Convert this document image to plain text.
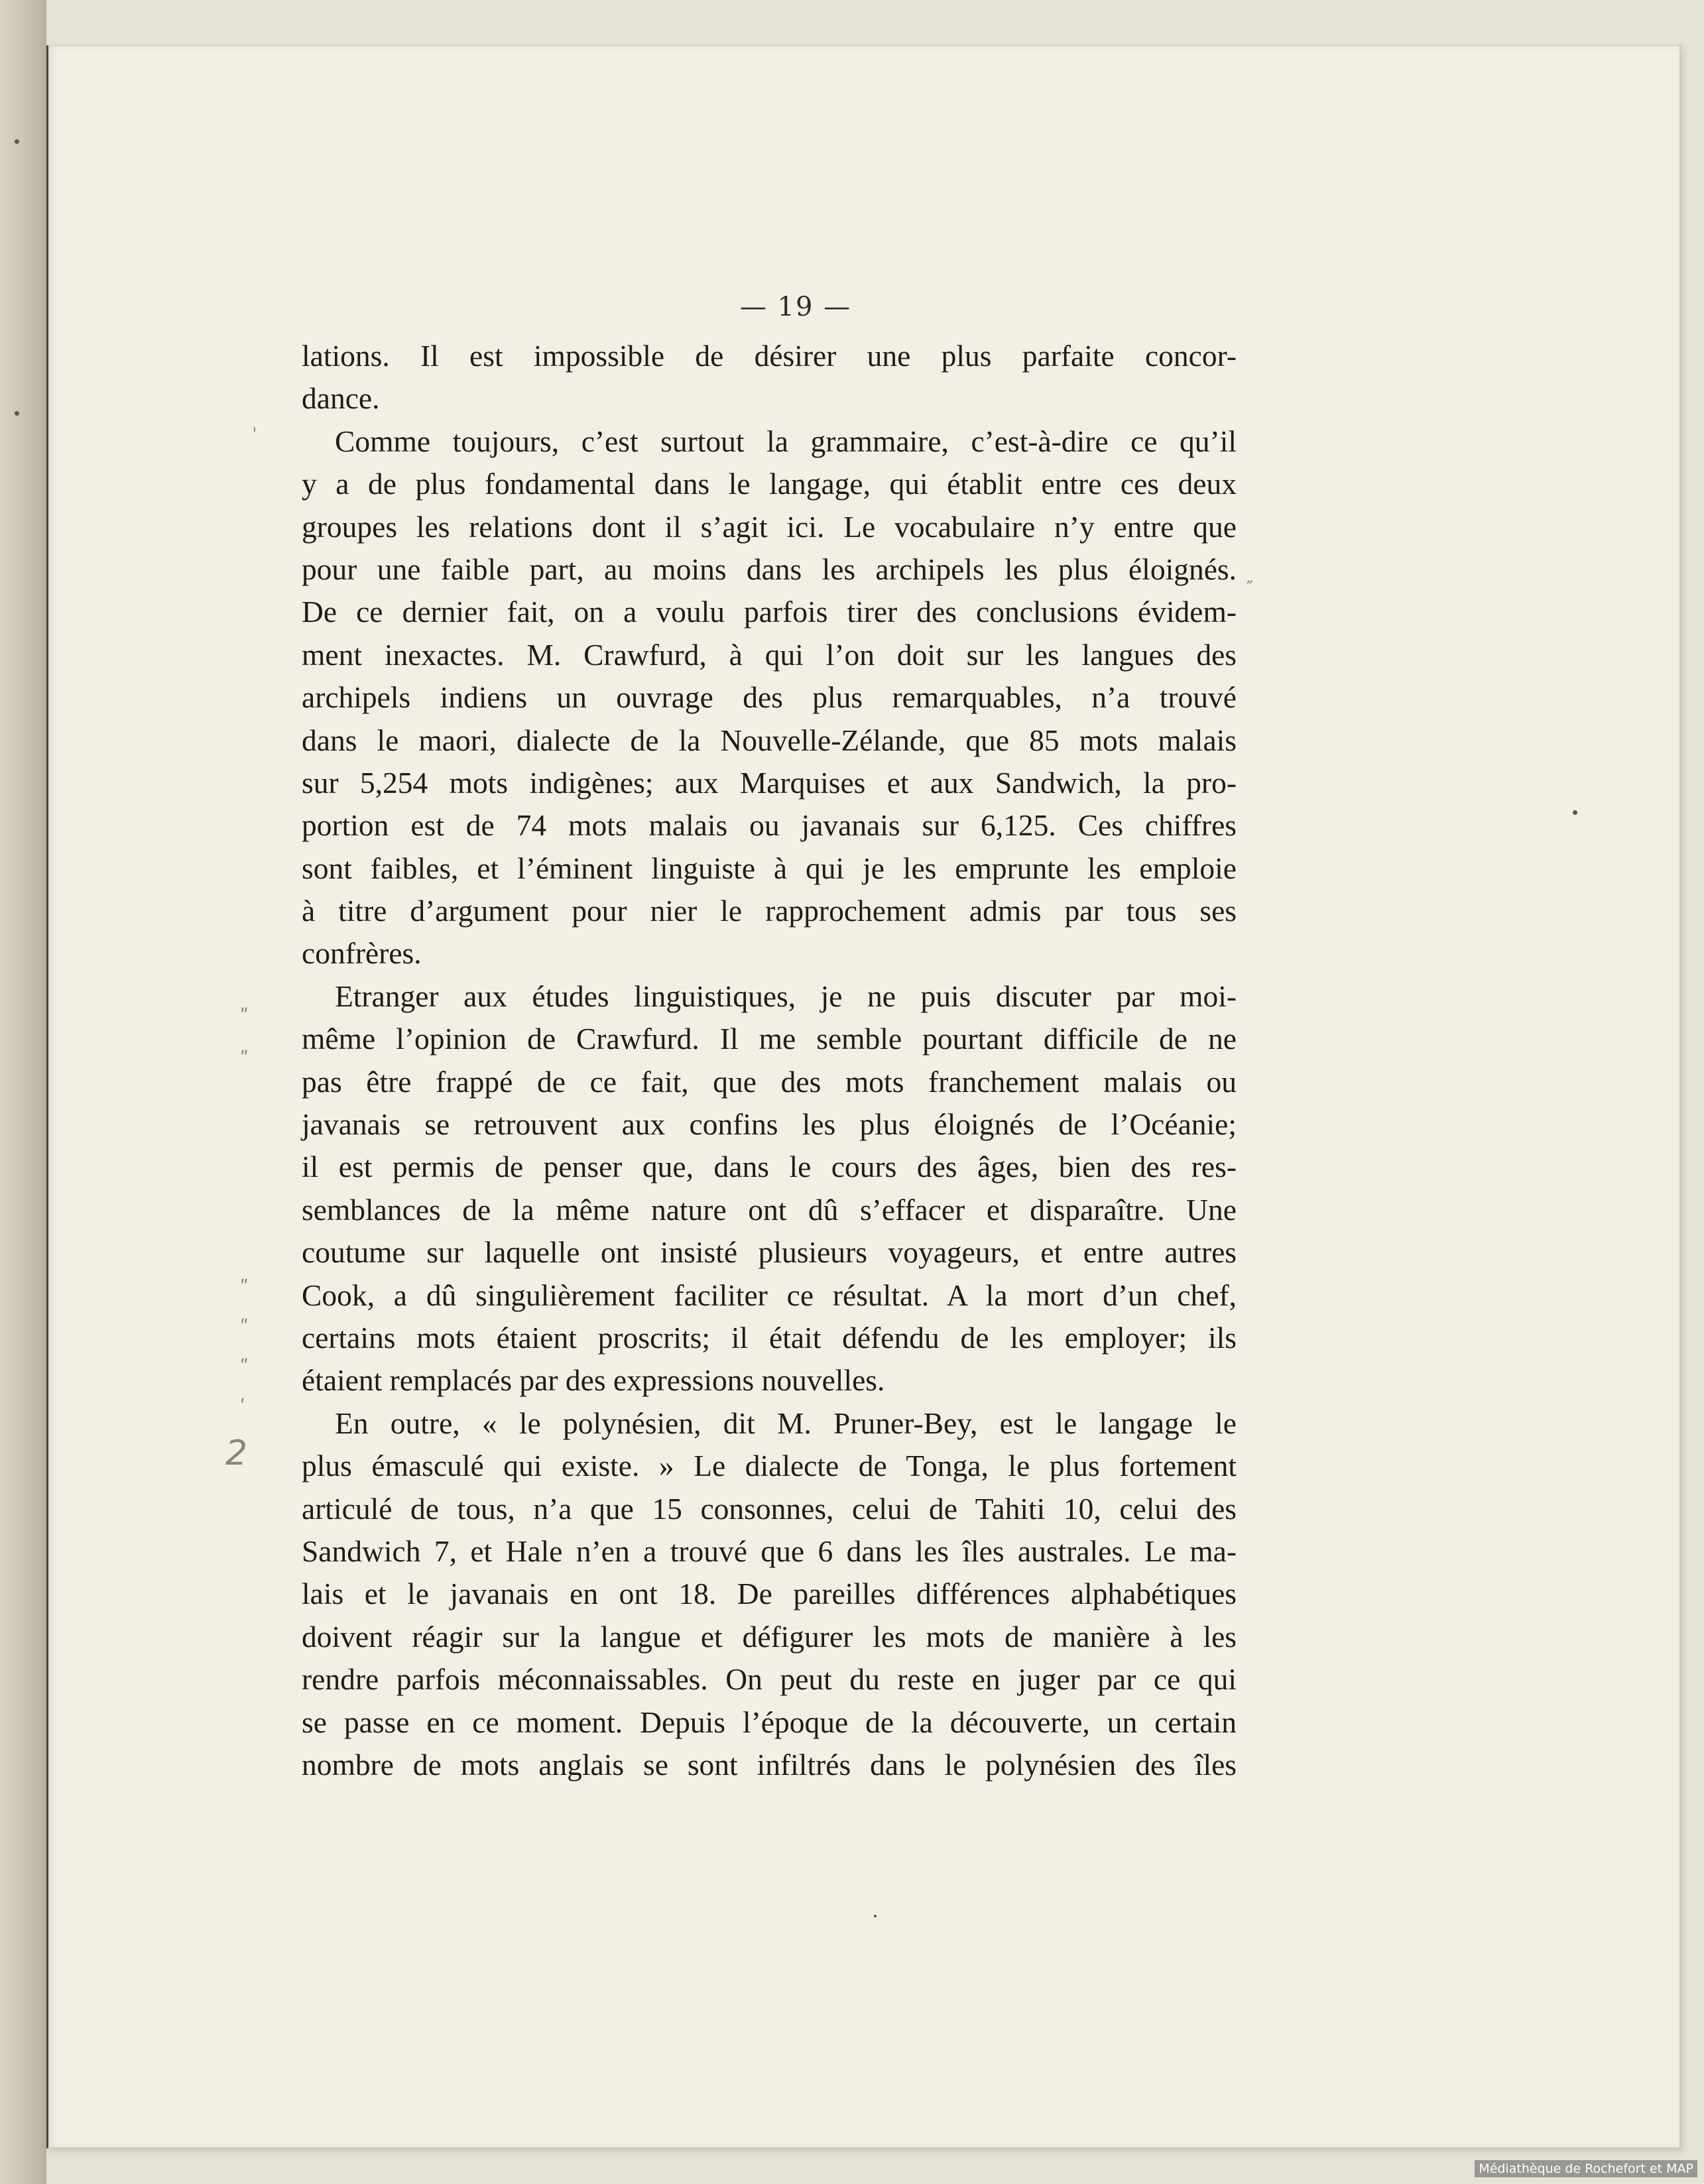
— 19 —
lations. Il est impossible de désirer une plus parfaite concor-
dance.
Comme toujours, c’est surtout la grammaire, c’est-à-dire ce qu’il
y a de plus fondamental dans le langage, qui établit entre ces deux
groupes les relations dont il s’agit ici. Le vocabulaire n’y entre que
pour une faible part, au moins dans les archipels les plus éloignés.
De ce dernier fait, on a voulu parfois tirer des conclusions évidem-
ment inexactes. M. Crawfurd, à qui l’on doit sur les langues des
archipels indiens un ouvrage des plus remarquables, n’a trouvé
dans le maori, dialecte de la Nouvelle-Zélande, que 85 mots malais
sur 5,254 mots indigènes; aux Marquises et aux Sandwich, la pro-
portion est de 74 mots malais ou javanais sur 6,125. Ces chiffres
sont faibles, et l’éminent linguiste à qui je les emprunte les emploie
à titre d’argument pour nier le rapprochement admis par tous ses
confrères.
Etranger aux études linguistiques, je ne puis discuter par moi-
même l’opinion de Crawfurd. Il me semble pourtant difficile de ne
pas être frappé de ce fait, que des mots franchement malais ou
javanais se retrouvent aux confins les plus éloignés de l’Océanie;
il est permis de penser que, dans le cours des âges, bien des res-
semblances de la même nature ont dû s’effacer et disparaître. Une
coutume sur laquelle ont insisté plusieurs voyageurs, et entre autres
Cook, a dû singulièrement faciliter ce résultat. A la mort d’un chef,
certains mots étaient proscrits; il était défendu de les employer; ils
étaient remplacés par des expressions nouvelles.
En outre, « le polynésien, dit M. Pruner-Bey, est le langage le
plus émasculé qui existe. » Le dialecte de Tonga, le plus fortement
articulé de tous, n’a que 15 consonnes, celui de Tahiti 10, celui des
Sandwich 7, et Hale n’en a trouvé que 6 dans les îles australes. Le ma-
lais et le javanais en ont 18. De pareilles différences alphabétiques
doivent réagir sur la langue et défigurer les mots de manière à les
rendre parfois méconnaissables. On peut du reste en juger par ce qui
se passe en ce moment. Depuis l’époque de la découverte, un certain
nombre de mots anglais se sont infiltrés dans le polynésien des îles
ˈ
″
ʺ
ʺ
ʺ
ʺ
ʺ
ʹ
2
Médiathèque de Rochefort et MAP
